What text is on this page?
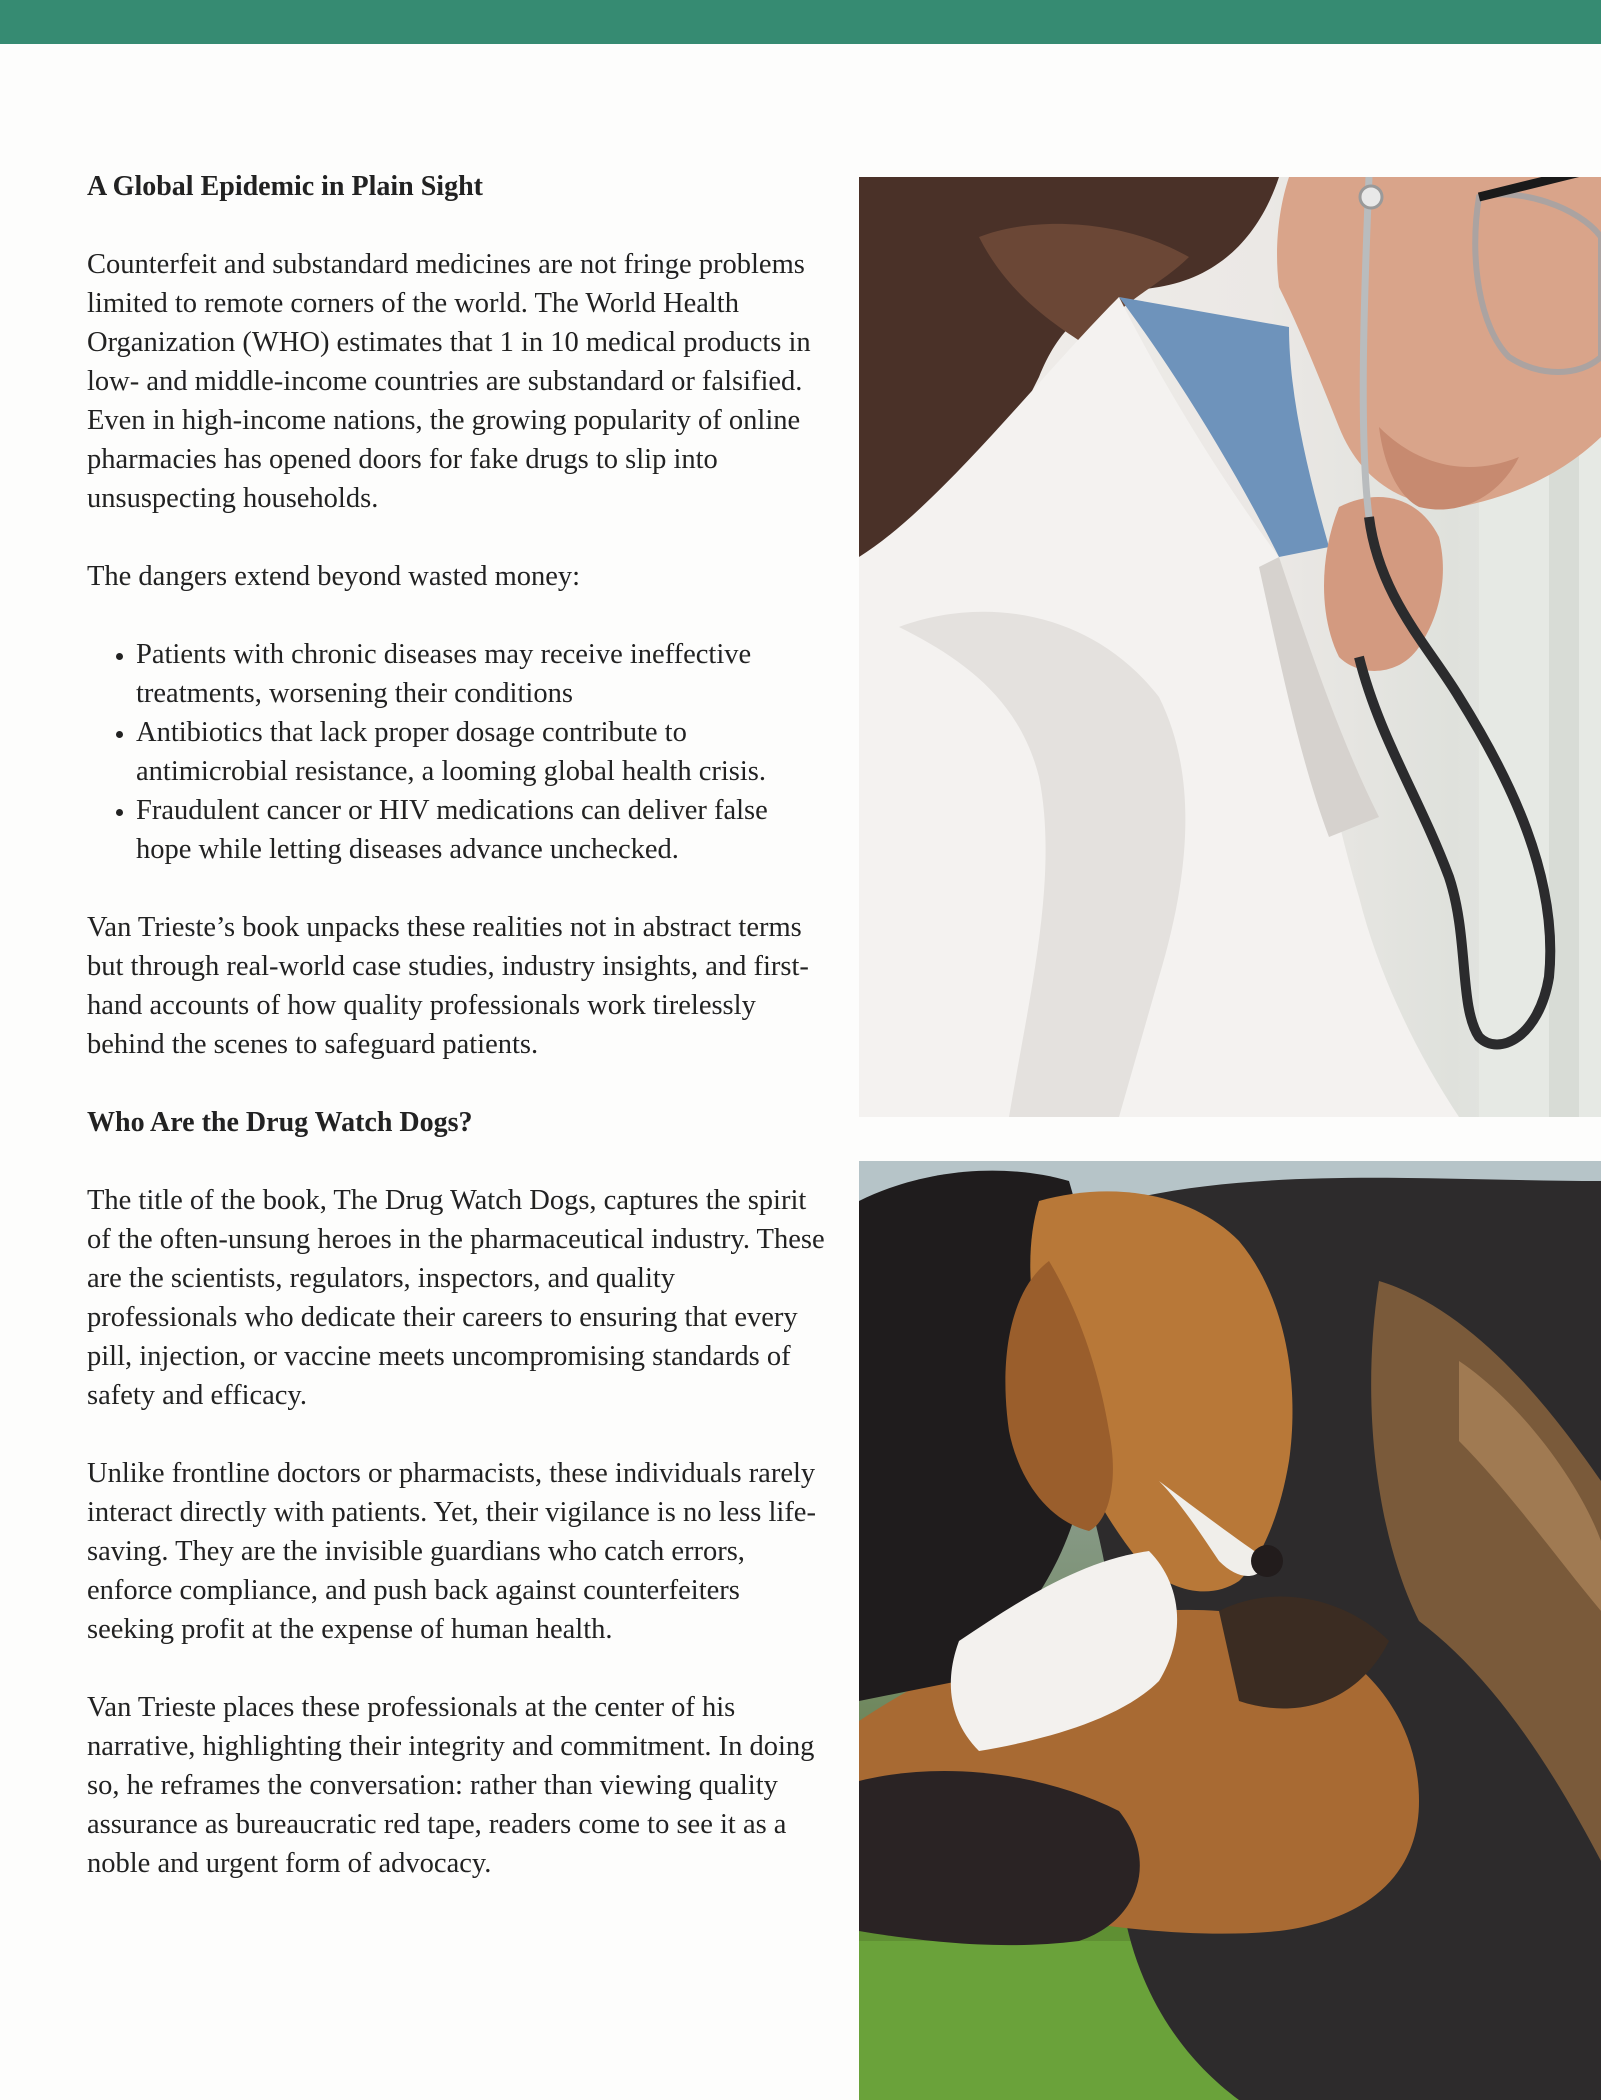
A Global Epidemic in Plain Sight

Counterfeit and substandard medicines are not fringe problems limited to remote corners of the world. The World Health Organization (WHO) estimates that 1 in 10 medical products in low- and middle-income countries are substandard or falsified. Even in high-income nations, the growing popularity of online pharmacies has opened doors for fake drugs to slip into unsuspecting households.

The dangers extend beyond wasted money:

• Patients with chronic diseases may receive ineffective treatments, worsening their conditions
• Antibiotics that lack proper dosage contribute to antimicrobial resistance, a looming global health crisis.
• Fraudulent cancer or HIV medications can deliver false hope while letting diseases advance unchecked.

Van Trieste’s book unpacks these realities not in abstract terms but through real-world case studies, industry insights, and first-hand accounts of how quality professionals work tirelessly behind the scenes to safeguard patients.

Who Are the Drug Watch Dogs?

The title of the book, The Drug Watch Dogs, captures the spirit of the often-unsung heroes in the pharmaceutical industry. These are the scientists, regulators, inspectors, and quality professionals who dedicate their careers to ensuring that every pill, injection, or vaccine meets uncompromising standards of safety and efficacy.

Unlike frontline doctors or pharmacists, these individuals rarely interact directly with patients. Yet, their vigilance is no less life-saving. They are the invisible guardians who catch errors, enforce compliance, and push back against counterfeiters seeking profit at the expense of human health.

Van Trieste places these professionals at the center of his narrative, highlighting their integrity and commitment. In doing so, he reframes the conversation: rather than viewing quality assurance as bureaucratic red tape, readers come to see it as a noble and urgent form of advocacy.
